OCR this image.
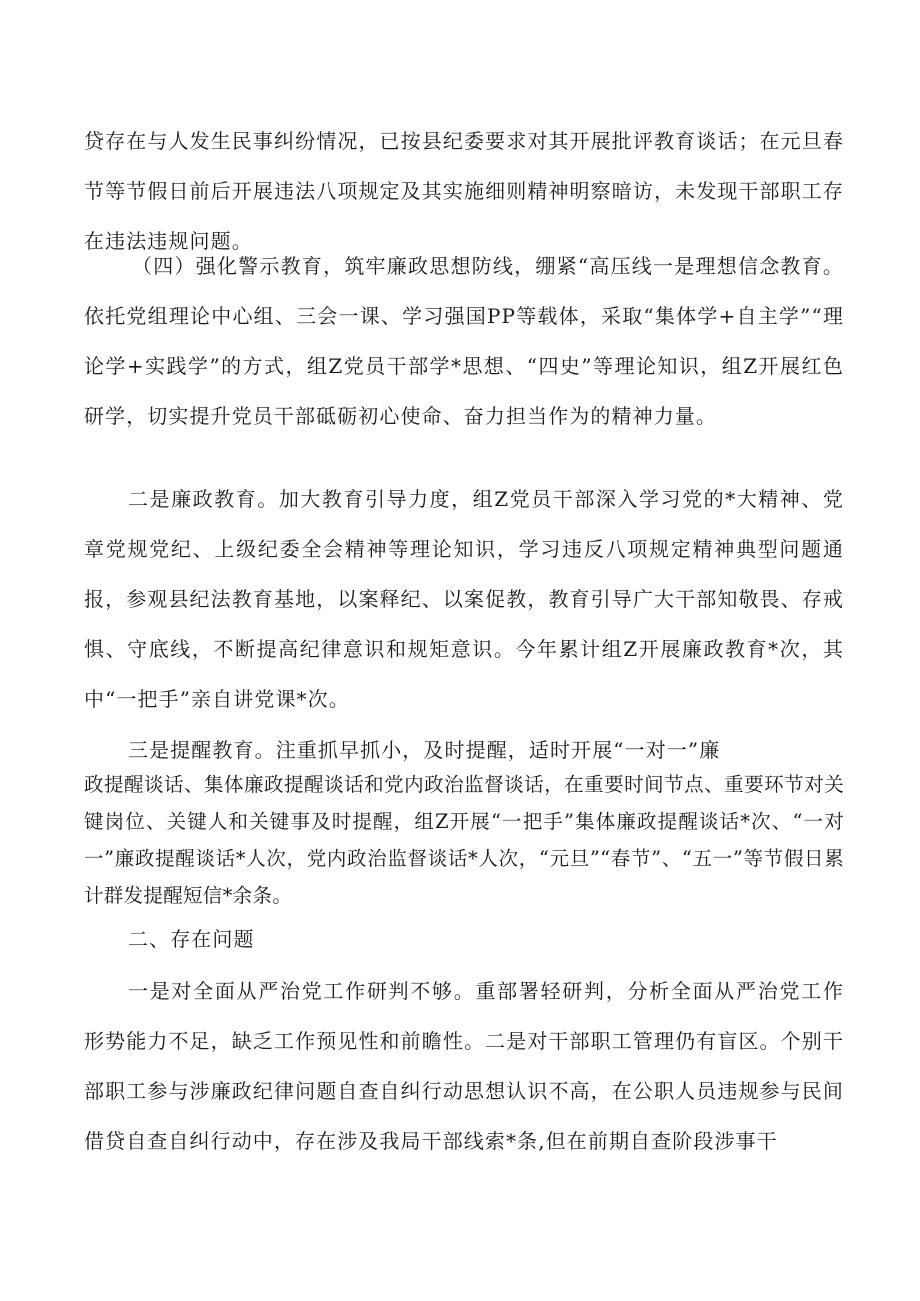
贷存在与人发生民事纠纷情况，已按县纪委要求对其开展批评教育谈话；在元旦春节等节假日前后开展违法八项规定及其实施细则精神明察暗访，未发现干部职工存在违法违规问题。

（四）强化警示教育，筑牢廉政思想防线，绷紧“高压线一是理想信念教育。依托党组理论中心组、三会一课、学习强国PP等载体，采取“集体学+自主学”“理论学+实践学”的方式，组Z党员干部学*思想、“四史”等理论知识，组Z开展红色研学，切实提升党员干部砥砺初心使命、奋力担当作为的精神力量。

二是廉政教育。加大教育引导力度，组Z党员干部深入学习党的*大精神、党章党规党纪、上级纪委全会精神等理论知识，学习违反八项规定精神典型问题通报，参观县纪法教育基地，以案释纪、以案促教，教育引导广大干部知敬畏、存戒惧、守底线，不断提高纪律意识和规矩意识。今年累计组Z开展廉政教育*次，其中“一把手”亲自讲党课*次。

三是提醒教育。注重抓早抓小，及时提醒，适时开展“一对一”廉

政提醒谈话、集体廉政提醒谈话和党内政治监督谈话，在重要时间节点、重要环节对关键岗位、关键人和关键事及时提醒，组Z开展“一把手”集体廉政提醒谈话*次、“一对一”廉政提醒谈话*人次，党内政治监督谈话*人次，“元旦”“春节”、“五一”等节假日累计群发提醒短信*余条。

二、存在问题

一是对全面从严治党工作研判不够。重部署轻研判，分析全面从严治党工作形势能力不足，缺乏工作预见性和前瞻性。二是对干部职工管理仍有盲区。个别干部职工参与涉廉政纪律问题自查自纠行动思想认识不高，在公职人员违规参与民间借贷自查自纠行动中，存在涉及我局干部线索*条,但在前期自查阶段涉事干
